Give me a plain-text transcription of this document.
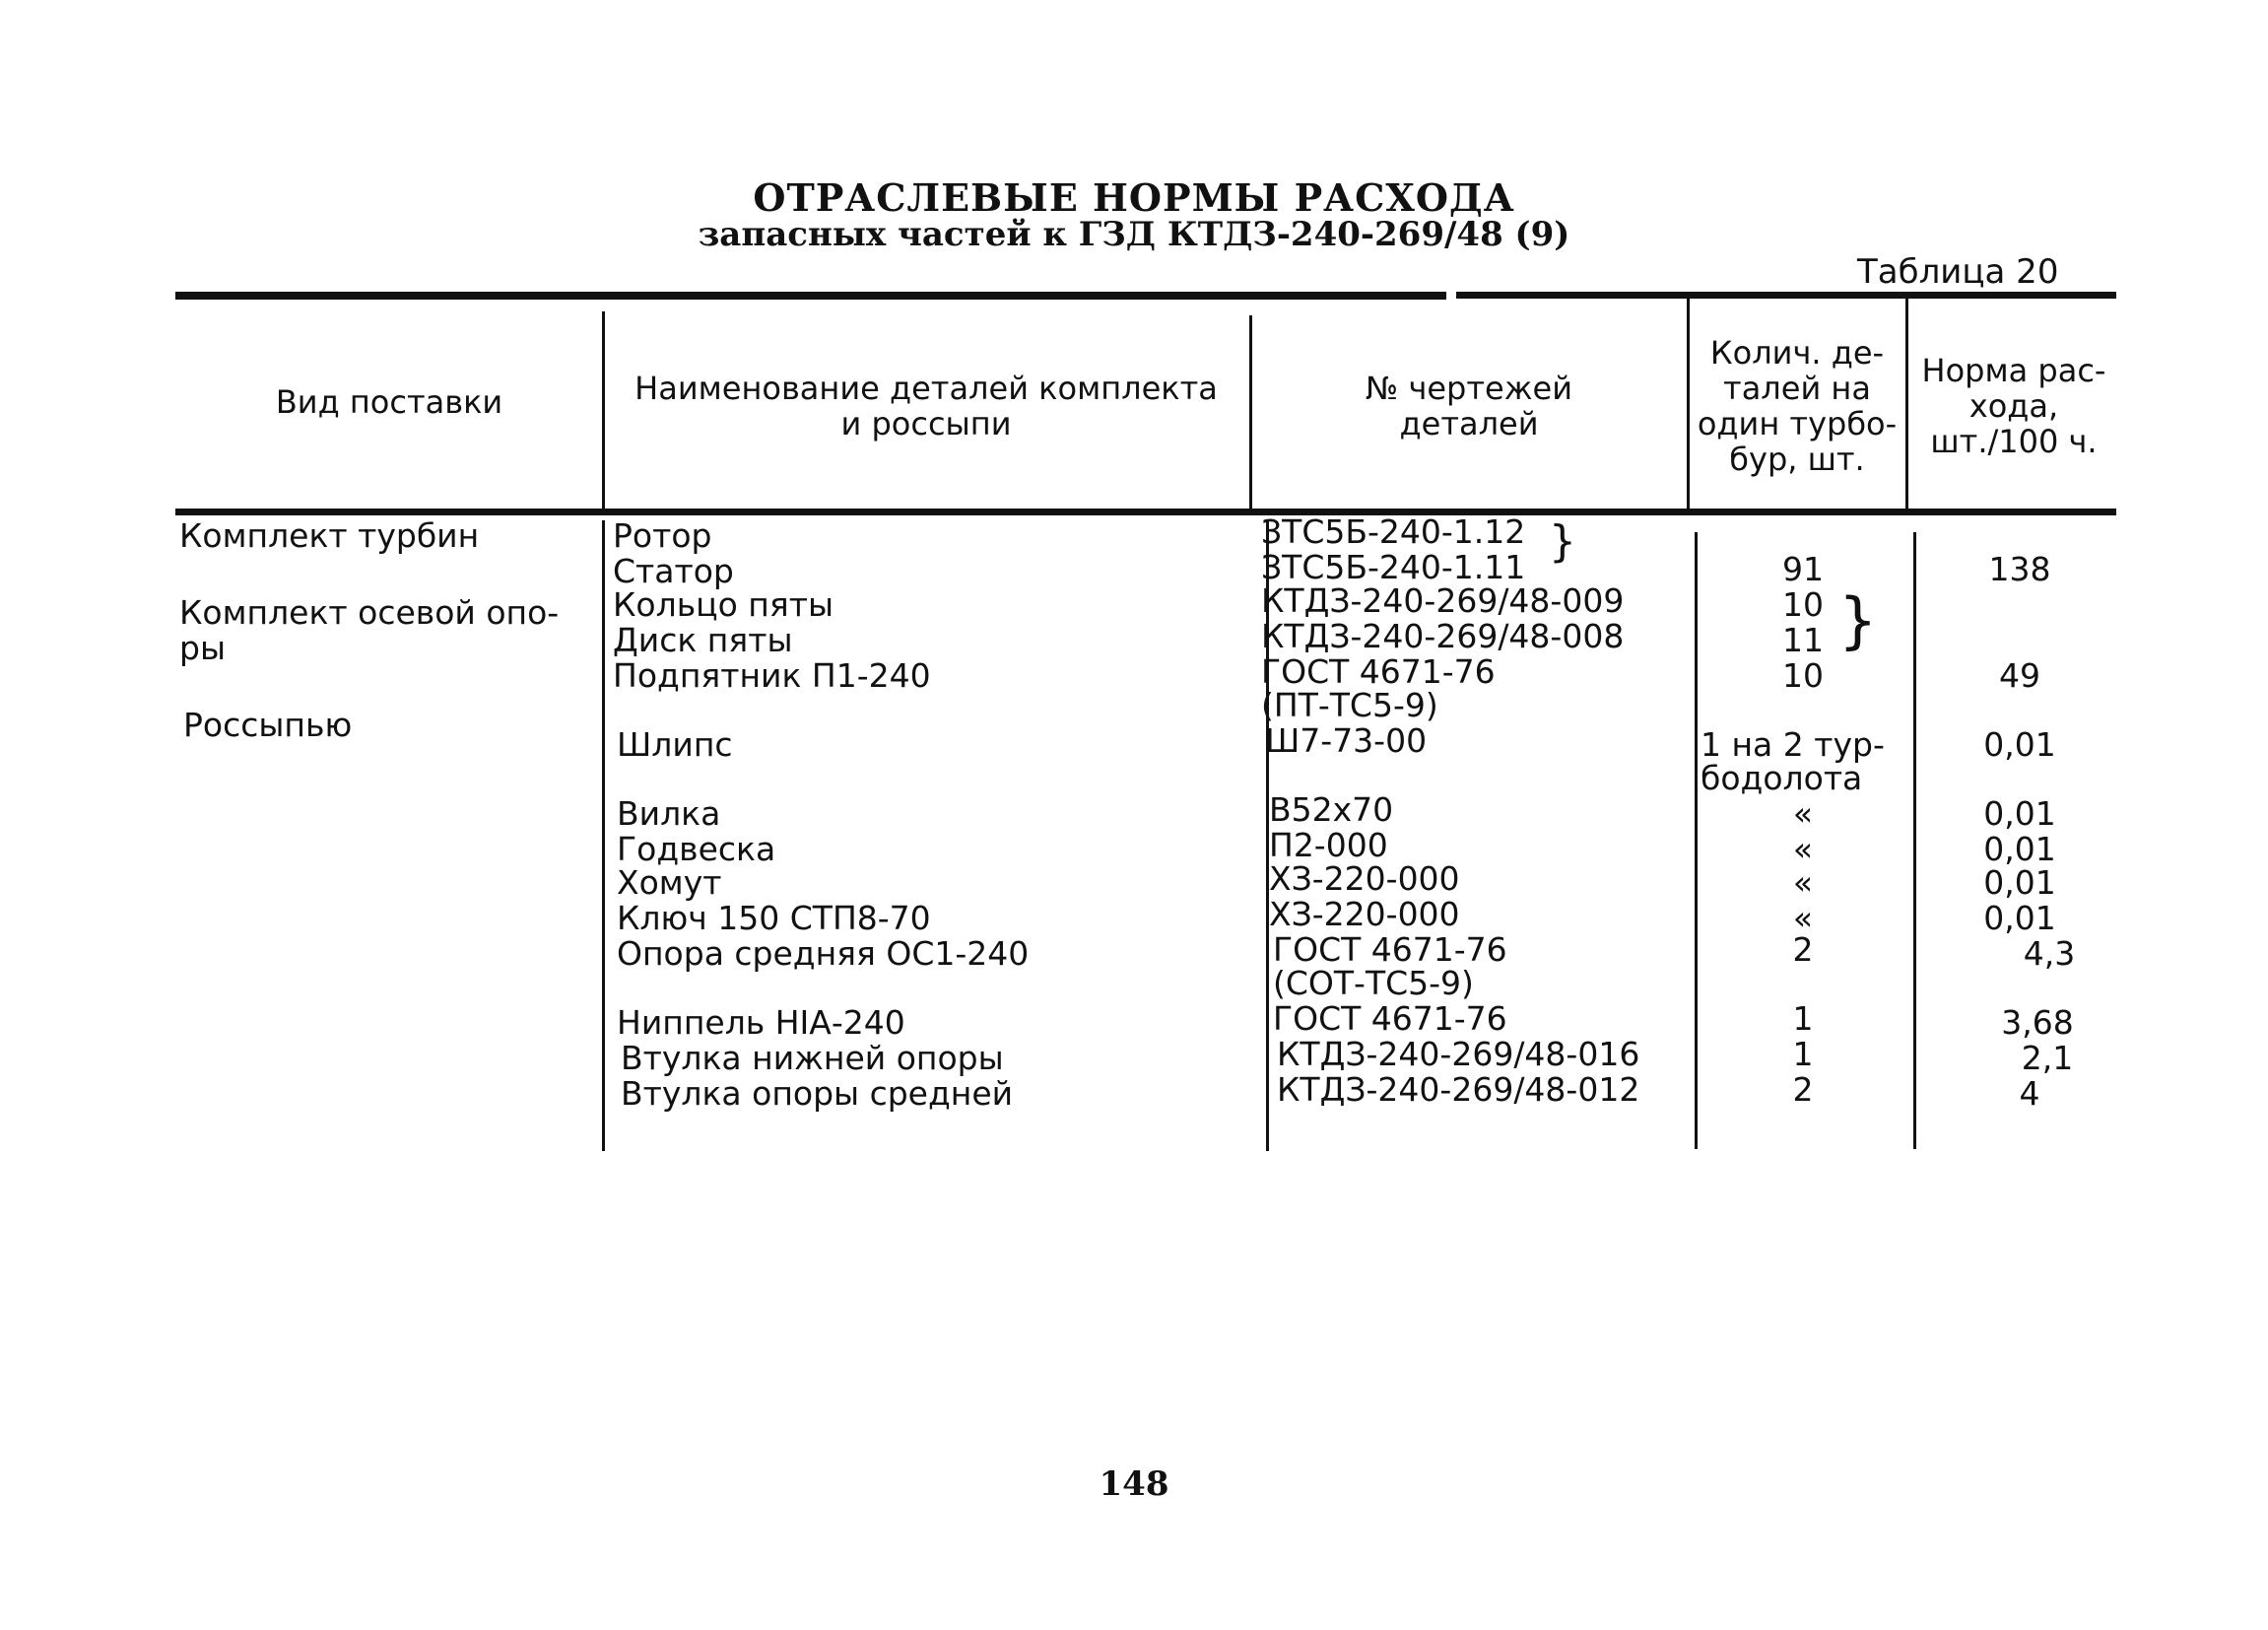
ОТРАСЛЕВЫЕ НОРМЫ РАСХОДА
запасных частей к ГЗД КТДЗ-240-269/48 (9)
Таблица 20
Вид поставки	Наименование деталей комплекта
и россыпи
№ чертежей
деталей
Колич. де-
талей на
один турбо-
бур, шт.
Норма рас-
хода,
шт./100 ч.
Комплект турбин
Комплект осевой опо-
ры
Россыпью
Ротор
Статор
Кольцо пяты
Диск пяты
Подпятник П1-240
Шлипс
Вилка
Годвеска
Хомут
Ключ 150 СТП8-70
Опора средняя ОС1-240
Ниппель НIА-240
Втулка нижней опоры
Втулка опоры средней
ЗТС5Б-240-1.12
ЗТС5Б-240-1.11
КТДЗ-240-269/48-009
КТДЗ-240-269/48-008
ГОСТ 4671-76
(ПТ-ТС5-9)
Ш7-73-00
В52х70
П2-000
ХЗ-220-000
ХЗ-220-000
ГОСТ 4671-76
(СОТ-ТС5-9)
ГОСТ 4671-76
КТДЗ-240-269/48-016
КТДЗ-240-269/48-012
}
}
91
10
11
10
1 на 2 тур-
бодолота
«
«
«
«
2
1
1
2
138
49
0,01
0,01
0,01
0,01
0,01
4,3
3,68
2,1
4
148
